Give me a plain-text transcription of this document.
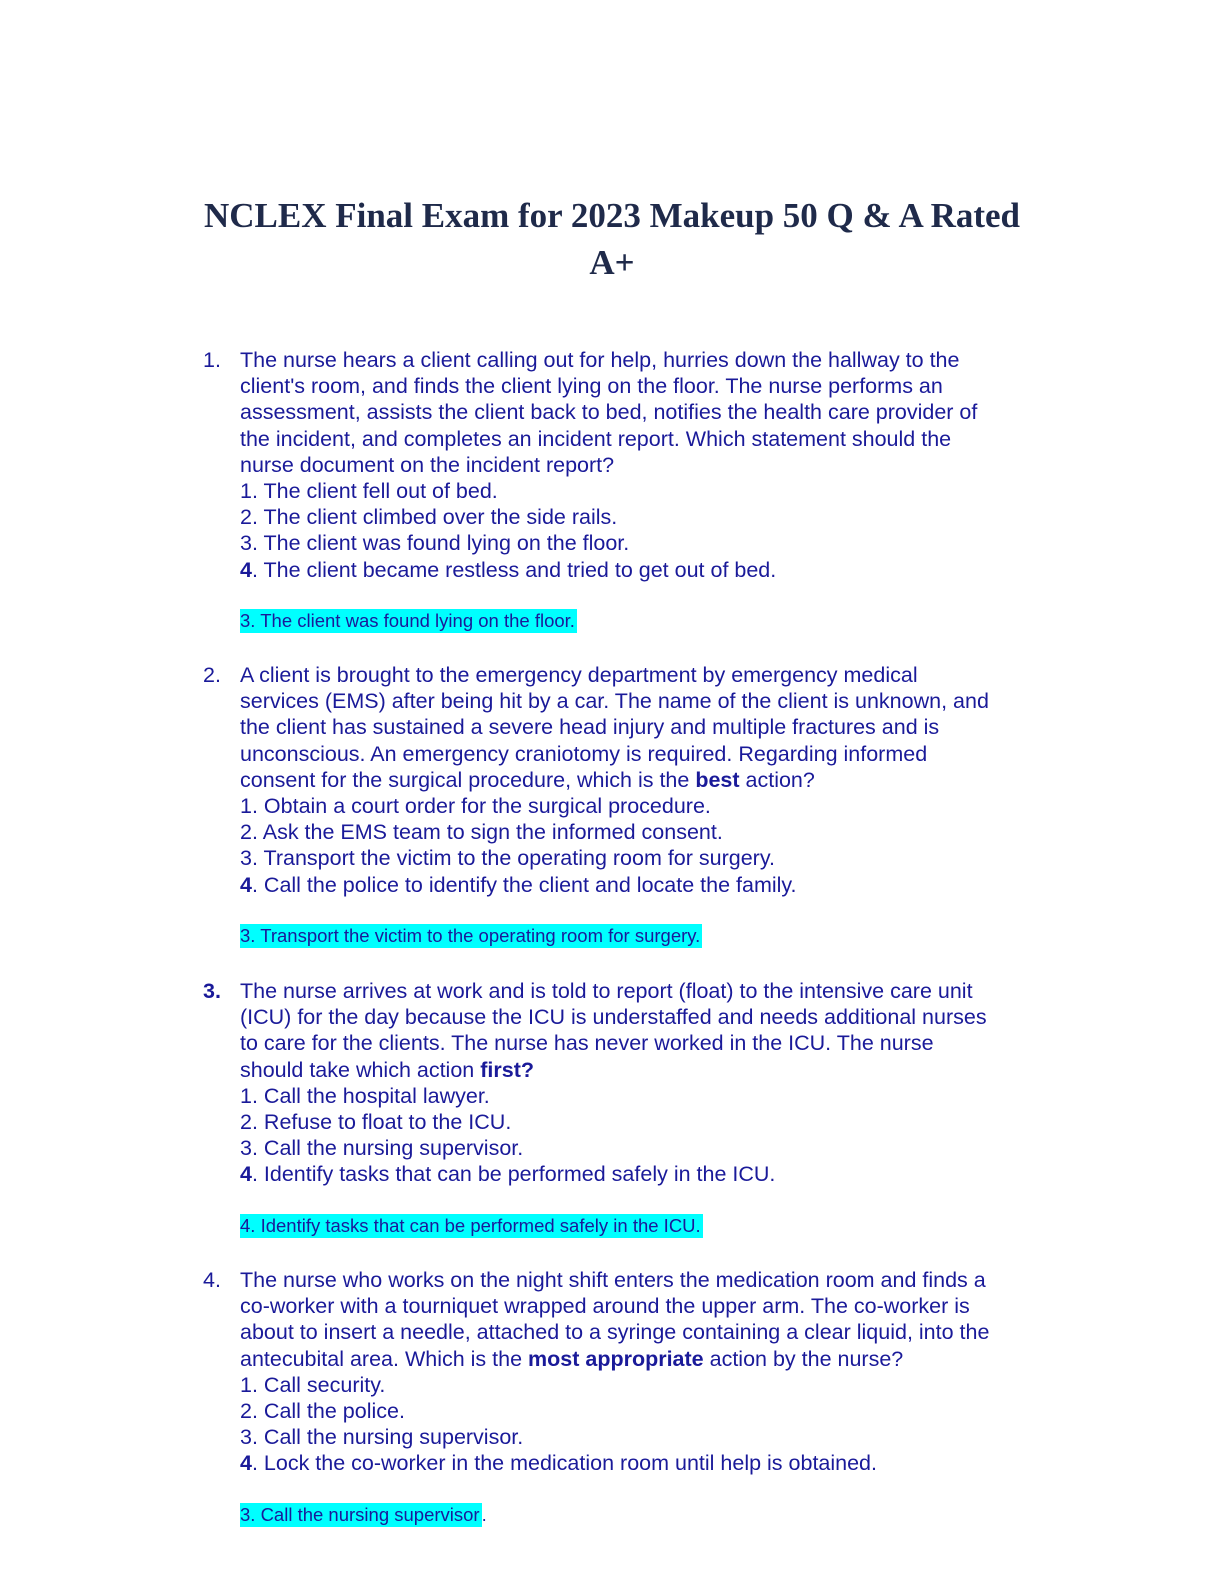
NCLEX Final Exam for 2023 Makeup 50 Q & A Rated
A+
1. The nurse hears a client calling out for help, hurries down the hallway to the
client's room, and finds the client lying on the floor. The nurse performs an
assessment, assists the client back to bed, notifies the health care provider of
the incident, and completes an incident report. Which statement should the
nurse document on the incident report?
1. The client fell out of bed.
2. The client climbed over the side rails.
3. The client was found lying on the floor.
4. The client became restless and tried to get out of bed.
3. The client was found lying on the floor.
2. A client is brought to the emergency department by emergency medical
services (EMS) after being hit by a car. The name of the client is unknown, and
the client has sustained a severe head injury and multiple fractures and is
unconscious. An emergency craniotomy is required. Regarding informed
consent for the surgical procedure, which is the best action?
1. Obtain a court order for the surgical procedure.
2. Ask the EMS team to sign the informed consent.
3. Transport the victim to the operating room for surgery.
4. Call the police to identify the client and locate the family.
3. Transport the victim to the operating room for surgery.
3. The nurse arrives at work and is told to report (float) to the intensive care unit
(ICU) for the day because the ICU is understaffed and needs additional nurses
to care for the clients. The nurse has never worked in the ICU. The nurse
should take which action first?
1. Call the hospital lawyer.
2. Refuse to float to the ICU.
3. Call the nursing supervisor.
4. Identify tasks that can be performed safely in the ICU.
4. Identify tasks that can be performed safely in the ICU.
4. The nurse who works on the night shift enters the medication room and finds a
co-worker with a tourniquet wrapped around the upper arm. The co-worker is
about to insert a needle, attached to a syringe containing a clear liquid, into the
antecubital area. Which is the most appropriate action by the nurse?
1. Call security.
2. Call the police.
3. Call the nursing supervisor.
4. Lock the co-worker in the medication room until help is obtained.
3. Call the nursing supervisor .
